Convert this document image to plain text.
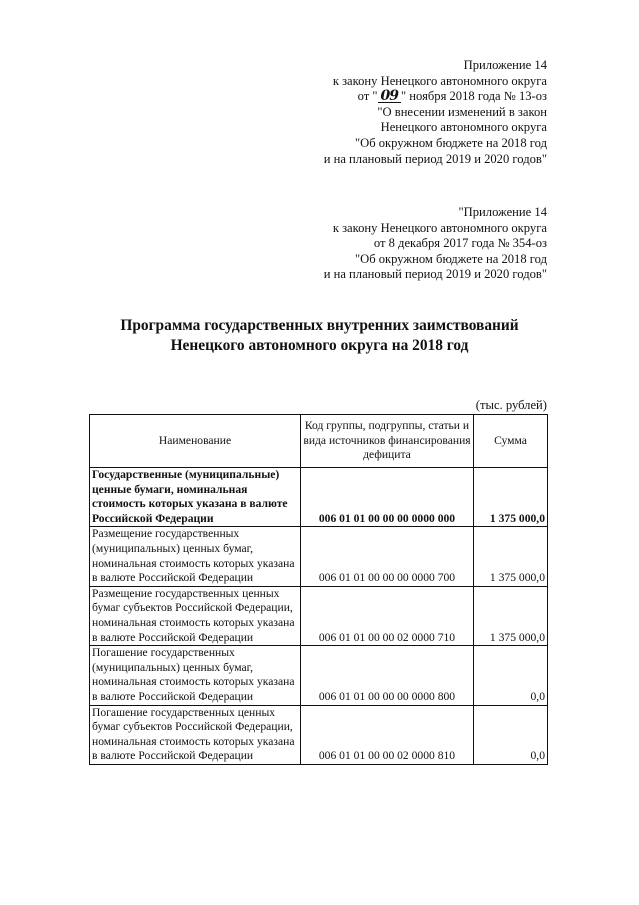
Приложение 14
к закону Ненецкого автономного округа
от " 09 " ноября 2018 года № 13-оз
"О внесении изменений в закон
Ненецкого автономного округа
"Об окружном бюджете на 2018 год
и на плановый период 2019 и 2020 годов"
"Приложение 14
к закону Ненецкого автономного округа
от 8 декабря 2017 года № 354-оз
"Об окружном бюджете на 2018 год
и на плановый период 2019 и 2020 годов"
Программа государственных внутренних заимствований
Ненецкого автономного округа на 2018 год
(тыс. рублей)
Наименование	Код группы, подгруппы, статьи и вида источников финансирования дефицита	Сумма
Государственные (муниципальные) ценные бумаги, номинальная стоимость которых указана в валюте Российской Федерации	006 01 01 00 00 00 0000 000	1 375 000,0
Размещение государственных (муниципальных) ценных бумаг, номинальная стоимость которых указана в валюте Российской Федерации	006 01 01 00 00 00 0000 700	1 375 000,0
Размещение государственных ценных бумаг субъектов Российской Федерации, номинальная стоимость которых указана в валюте Российской Федерации	006 01 01 00 00 02 0000 710	1 375 000,0
Погашение государственных (муниципальных) ценных бумаг, номинальная стоимость которых указана в валюте Российской Федерации	006 01 01 00 00 00 0000 800	0,0
Погашение государственных ценных бумаг субъектов Российской Федерации, номинальная стоимость которых указана в валюте Российской Федерации	006 01 01 00 00 02 0000 810	0,0
